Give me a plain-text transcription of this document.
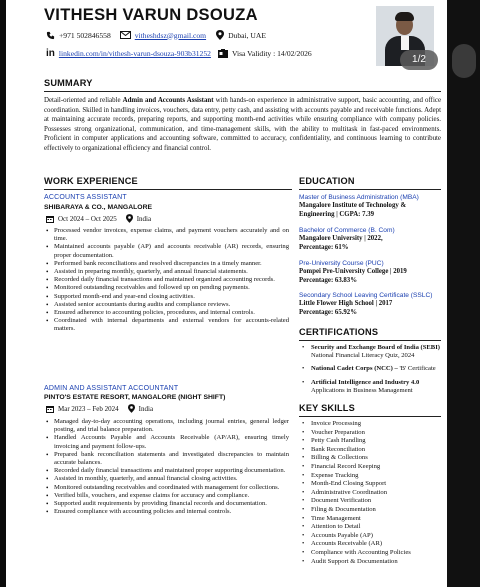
VITHESH VARUN DSOUZA
+971 502846558	vitheshdsz@gmail.com	Dubai, UAE
in linkedin.com/in/vithesh-varun-dsouza-903b31252	Visa Validity : 14/02/2026
SUMMARY
Detail-oriented and reliable Admin and Accounts Assistant with hands-on experience in administrative support, basic accounting, and office coordination. Skilled in handling invoices, vouchers, data entry, petty cash, and assisting with accounts payable and receivable functions. Adept at maintaining accurate records, preparing reports, and supporting month-end activities while ensuring compliance with company policies. Possesses strong organizational, communication, and time-management skills, with the ability to multitask in fast-paced environments. Proficient in computer applications and accounting software, committed to accuracy, confidentiality, and continuous learning to contribute effectively to organizational efficiency and financial control.
WORK EXPERIENCE
ACCOUNTS ASSISTANT
SHIBARAYA & CO., MANGALORE
Oct 2024 – Oct 2025	India
• Processed vendor invoices, expense claims, and payment vouchers accurately and on time.
• Maintained accounts payable (AP) and accounts receivable (AR) records, ensuring proper documentation.
• Performed bank reconciliations and resolved discrepancies in a timely manner.
• Assisted in preparing monthly, quarterly, and annual financial statements.
• Recorded daily financial transactions and maintained organized accounting records.
• Monitored outstanding receivables and followed up on pending payments.
• Supported month-end and year-end closing activities.
• Assisted senior accountants during audits and compliance reviews.
• Ensured adherence to accounting policies, procedures, and internal controls.
• Coordinated with internal departments and external vendors for accounts-related matters.
ADMIN AND ASSISTANT ACCOUNTANT
PINTO'S ESTATE RESORT, MANGALORE (NIGHT SHIFT)
Mar 2023 – Feb 2024	India
• Managed day-to-day accounting operations, including journal entries, general ledger posting, and trial balance preparation.
• Handled Accounts Payable and Accounts Receivable (AP/AR), ensuring timely invoicing and payment follow-ups.
• Prepared bank reconciliation statements and investigated discrepancies to maintain accurate balances.
• Recorded daily financial transactions and maintained proper supporting documentation.
• Assisted in monthly, quarterly, and annual financial closing activities.
• Monitored outstanding receivables and coordinated with management for collections.
• Verified bills, vouchers, and expense claims for accuracy and compliance.
• Supported audit requirements by providing financial records and documentation.
• Ensured compliance with accounting policies and internal controls.
EDUCATION
Master of Business Administration (MBA)
Mangalore Institute of Technology & Engineering | CGPA: 7.39
Bachelor of Commerce (B. Com)
Mangalore University | 2022,
Percentage: 61%
Pre-University Course (PUC)
Pompei Pre-University College | 2019
Percentage: 63.83%
Secondary School Leaving Certificate (SSLC)
Little Flower High School | 2017
Percentage: 65.92%
CERTIFICATIONS
• Security and Exchange Board of India (SEBI)
National Financial Literacy Quiz, 2024
• National Cadet Corps (NCC) – 'B' Certificate
• Artificial Intelligence and Industry 4.0
Applications in Business Management
KEY SKILLS
• Invoice Processing
• Voucher Preparation
• Petty Cash Handling
• Bank Reconciliation
• Billing & Collections
• Financial Record Keeping
• Expense Tracking
• Month-End Closing Support
• Administrative Coordination
• Document Verification
• Filing & Documentation
• Time Management
• Attention to Detail
• Accounts Payable (AP)
• Accounts Receivable (AR)
• Compliance with Accounting Policies
• Audit Support & Documentation
1/2
